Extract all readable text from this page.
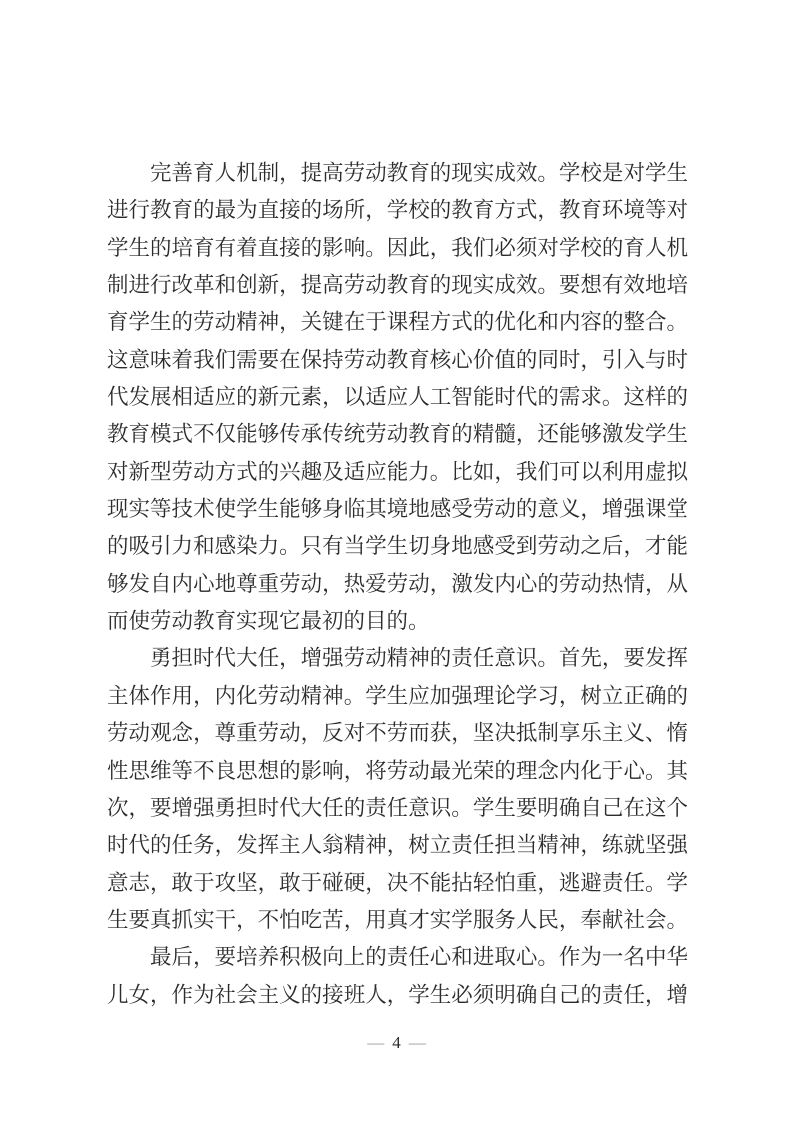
完善育人机制，提高劳动教育的现实成效。学校是对学生
进行教育的最为直接的场所，学校的教育方式，教育环境等对
学生的培育有着直接的影响。因此，我们必须对学校的育人机
制进行改革和创新，提高劳动教育的现实成效。要想有效地培
育学生的劳动精神，关键在于课程方式的优化和内容的整合。
这意味着我们需要在保持劳动教育核心价值的同时，引入与时
代发展相适应的新元素，以适应人工智能时代的需求。这样的
教育模式不仅能够传承传统劳动教育的精髓，还能够激发学生
对新型劳动方式的兴趣及适应能力。比如，我们可以利用虚拟
现实等技术使学生能够身临其境地感受劳动的意义，增强课堂
的吸引力和感染力。只有当学生切身地感受到劳动之后，才能
够发自内心地尊重劳动，热爱劳动，激发内心的劳动热情，从
而使劳动教育实现它最初的目的。
勇担时代大任，增强劳动精神的责任意识。首先，要发挥
主体作用，内化劳动精神。学生应加强理论学习，树立正确的
劳动观念，尊重劳动，反对不劳而获，坚决抵制享乐主义、惰
性思维等不良思想的影响，将劳动最光荣的理念内化于心。其
次，要增强勇担时代大任的责任意识。学生要明确自己在这个
时代的任务，发挥主人翁精神，树立责任担当精神，练就坚强
意志，敢于攻坚，敢于碰硬，决不能拈轻怕重，逃避责任。学
生要真抓实干，不怕吃苦，用真才实学服务人民，奉献社会。
最后，要培养积极向上的责任心和进取心。作为一名中华
儿女，作为社会主义的接班人，学生必须明确自己的责任，增
— 4 —
